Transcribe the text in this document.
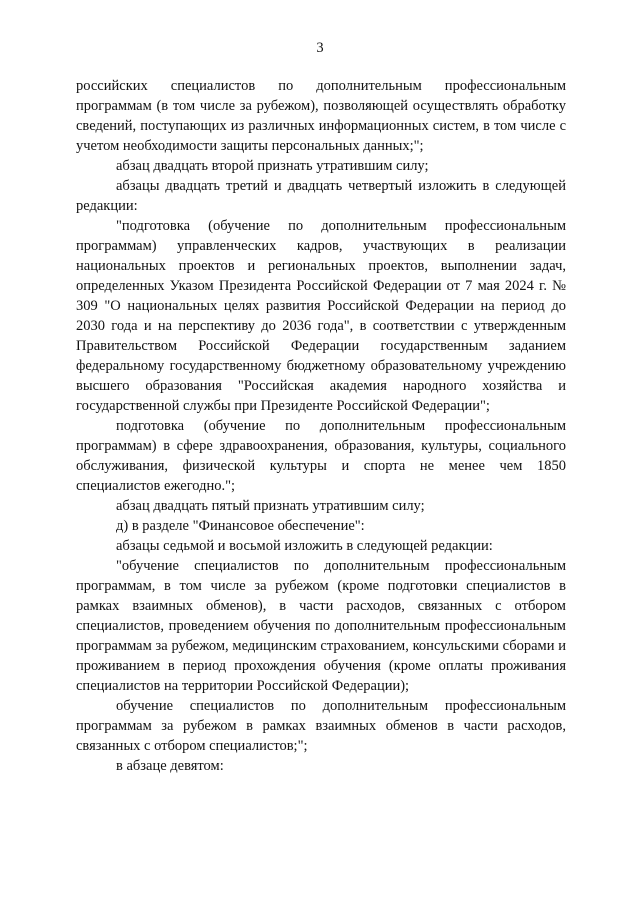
3

российских специалистов по дополнительным профессиональным программам (в том числе за рубежом), позволяющей осуществлять обработку сведений, поступающих из различных информационных систем, в том числе с учетом необходимости защиты персональных данных;";

абзац двадцать второй признать утратившим силу;

абзацы двадцать третий и двадцать четвертый изложить в следующей редакции:

"подготовка (обучение по дополнительным профессиональным программам) управленческих кадров, участвующих в реализации национальных проектов и региональных проектов, выполнении задач, определенных Указом Президента Российской Федерации от 7 мая 2024 г. № 309 "О национальных целях развития Российской Федерации на период до 2030 года и на перспективу до 2036 года", в соответствии с утвержденным Правительством Российской Федерации государственным заданием федеральному государственному бюджетному образовательному учреждению высшего образования "Российская академия народного хозяйства и государственной службы при Президенте Российской Федерации";

подготовка (обучение по дополнительным профессиональным программам) в сфере здравоохранения, образования, культуры, социального обслуживания, физической культуры и спорта не менее чем 1850 специалистов ежегодно.";

абзац двадцать пятый признать утратившим силу;

д) в разделе "Финансовое обеспечение":

абзацы седьмой и восьмой изложить в следующей редакции:

"обучение специалистов по дополнительным профессиональным программам, в том числе за рубежом (кроме подготовки специалистов в рамках взаимных обменов), в части расходов, связанных с отбором специалистов, проведением обучения по дополнительным профессиональным программам за рубежом, медицинским страхованием, консульскими сборами и проживанием в период прохождения обучения (кроме оплаты проживания специалистов на территории Российской Федерации);

обучение специалистов по дополнительным профессиональным программам за рубежом в рамках взаимных обменов в части расходов, связанных с отбором специалистов;";

в абзаце девятом:
